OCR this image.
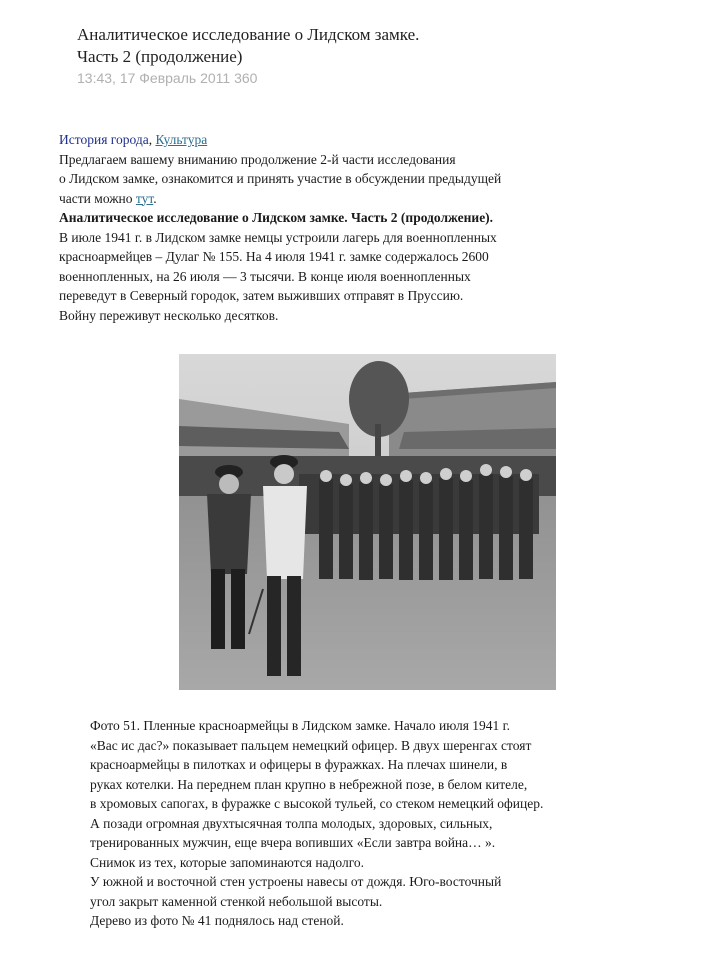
Аналитическое исследование о Лидском замке.
Часть 2 (продолжение)
13:43, 17 Февраль 2011 360
История города, Культура
Предлагаем вашему вниманию продолжение 2-й части исследования
о Лидском замке, ознакомится и принять участие в обсуждении предыдущей
части можно тут.
Аналитическое исследование о Лидском замке. Часть 2 (продолжение).
В июле 1941 г. в Лидском замке немцы устроили лагерь для военнопленных
красноармейцев – Дулаг № 155. На 4 июля 1941 г. замке содержалось 2600
военнопленных, на 26 июля — 3 тысячи. В конце июля военнопленных
переведут в Северный городок, затем выживших отправят в Пруссию.
Войну переживут несколько десятков.
Фото 51. Пленные красноармейцы в Лидском замке. Начало июля 1941 г.
«Вас ис дас?» показывает пальцем немецкий офицер. В двух шеренгах стоят
красноармейцы в пилотках и офицеры в фуражках. На плечах шинели, в
руках котелки. На переднем план крупно в небрежной позе, в белом кителе,
в хромовых сапогах, в фуражке с высокой тульей, со стеком немецкий офицер.
А позади огромная двухтысячная толпа молодых, здоровых, сильных,
тренированных мужчин, еще вчера вопивших «Если завтра война… ».
Снимок из тех, которые запоминаются надолго.
У южной и восточной стен устроены навесы от дождя. Юго-восточный
угол закрыт каменной стенкой небольшой высоты.
Дерево из фото № 41 поднялось над стеной.
